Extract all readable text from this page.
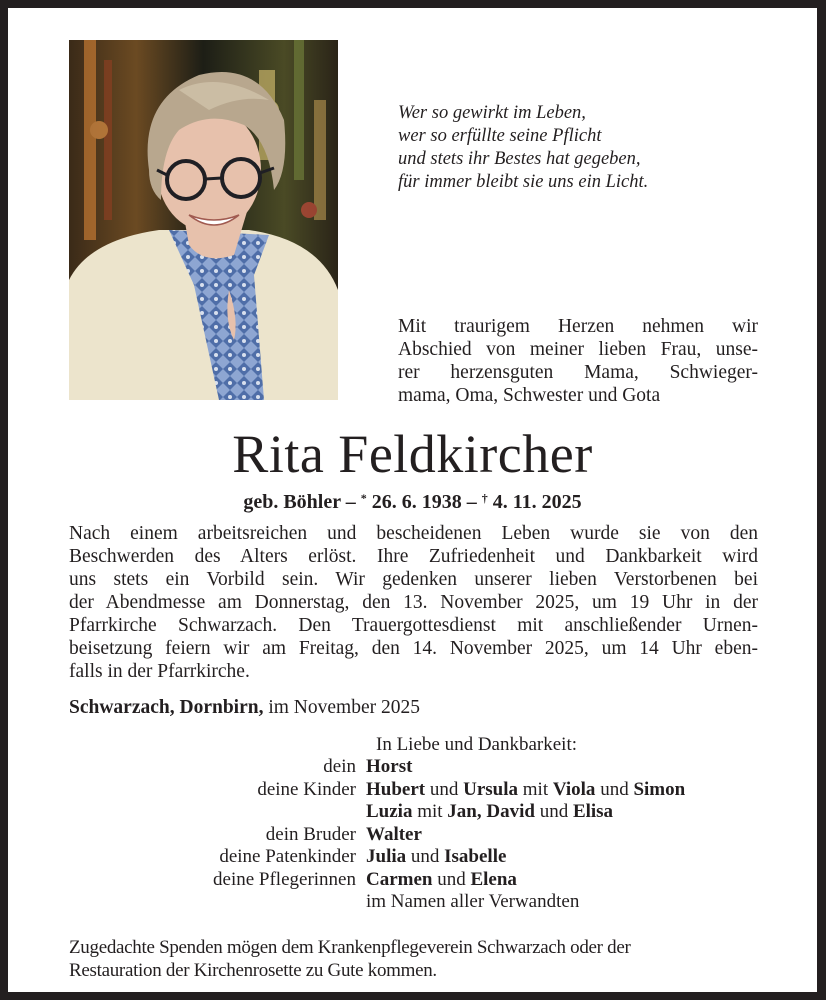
Wer so gewirkt im Leben,
wer so erfüllte seine Pflicht
und stets ihr Bestes hat gegeben,
für immer bleibt sie uns ein Licht.
Mit traurigem Herzen nehmen wir
Abschied von meiner lieben Frau, unse-
rer herzensguten Mama, Schwieger-
mama, Oma, Schwester und Gota
Rita Feldkircher
geb. Böhler – * 26. 6. 1938 – † 4. 11. 2025
Nach einem arbeitsreichen und bescheidenen Leben wurde sie von den
Beschwerden des Alters erlöst. Ihre Zufriedenheit und Dankbarkeit wird
uns stets ein Vorbild sein. Wir gedenken unserer lieben Verstorbenen bei
der Abendmesse am Donnerstag, den 13. November 2025, um 19 Uhr in der
Pfarrkirche Schwarzach. Den Trauergottesdienst mit anschließender Urnen-
beisetzung feiern wir am Freitag, den 14. November 2025, um 14 Uhr eben-
falls in der Pfarrkirche.
Schwarzach, Dornbirn, im November 2025
In Liebe und Dankbarkeit:
dein Horst
deine Kinder Hubert und Ursula mit Viola und Simon
Luzia mit Jan, David und Elisa
dein Bruder Walter
deine Patenkinder Julia und Isabelle
deine Pflegerinnen Carmen und Elena
im Namen aller Verwandten
Zugedachte Spenden mögen dem Krankenpflegeverein Schwarzach oder der
Restauration der Kirchenrosette zu Gute kommen.
